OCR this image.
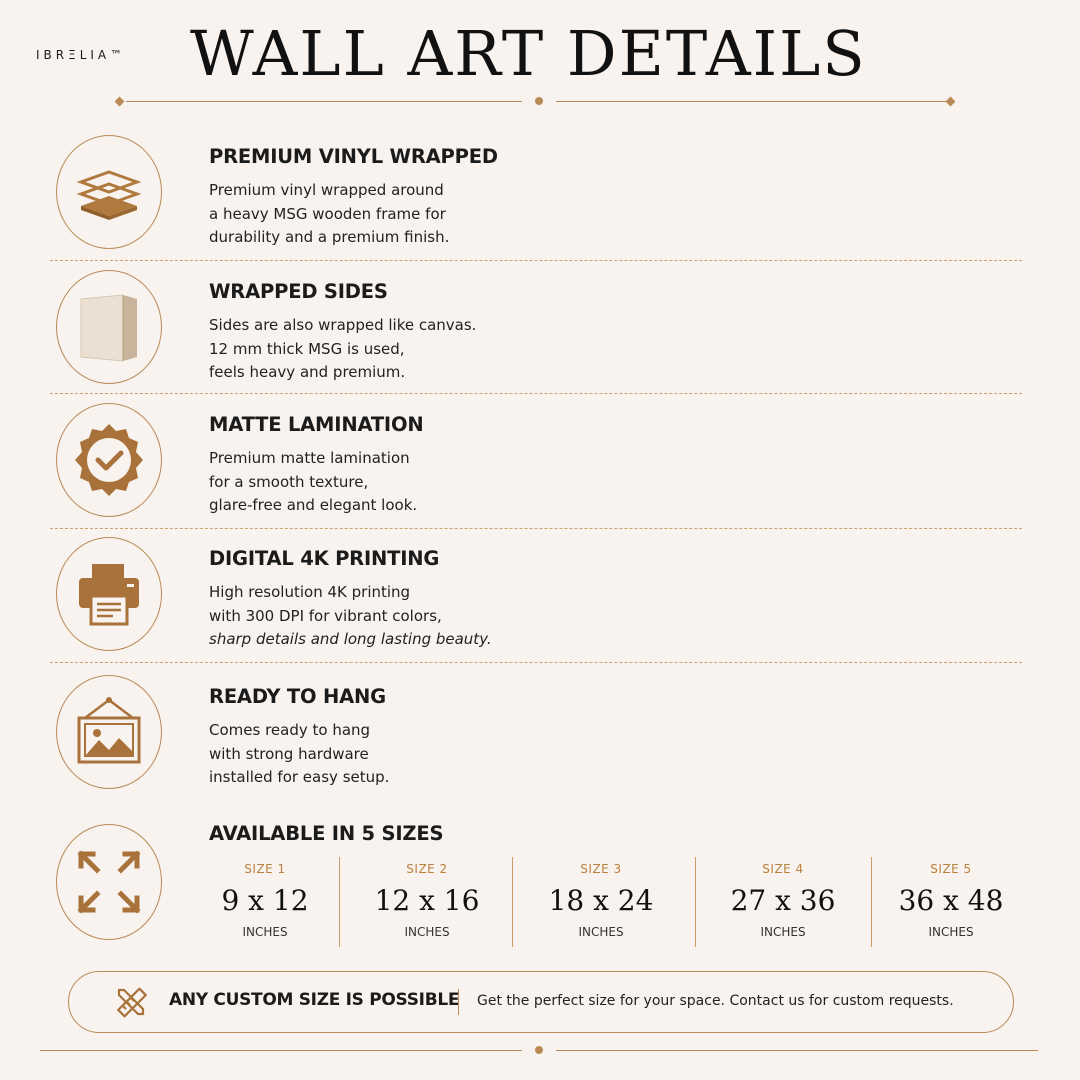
IBRΞLIA™ WALL ART DETAILS
PREMIUM VINYL WRAPPED
Premium vinyl wrapped around
a heavy MSG wooden frame for
durability and a premium finish.
WRAPPED SIDES
Sides are also wrapped like canvas.
12 mm thick MSG is used,
feels heavy and premium.
MATTE LAMINATION
Premium matte lamination
for a smooth texture,
glare-free and elegant look.
DIGITAL 4K PRINTING
High resolution 4K printing
with 300 DPI for vibrant colors,
sharp details and long lasting beauty.
READY TO HANG
Comes ready to hang
with strong hardware
installed for easy setup.
AVAILABLE IN 5 SIZES
SIZE 1
9 x 12
INCHES
SIZE 2
12 x 16
INCHES
SIZE 3
18 x 24
INCHES
SIZE 4
27 x 36
INCHES
SIZE 5
36 x 48
INCHES
ANY CUSTOM SIZE IS POSSIBLE Get the perfect size for your space. Contact us for custom requests.
